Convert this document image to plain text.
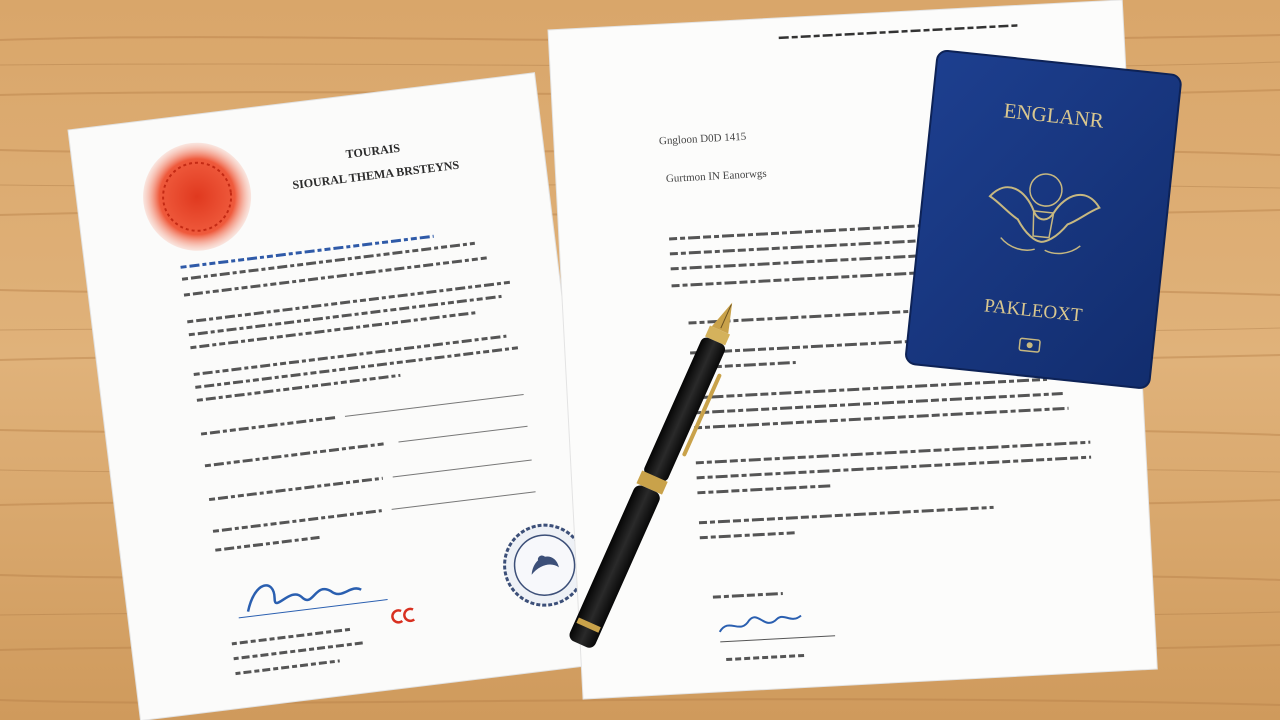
TOURAIS
SIOURAL THEMA BRSTEYNS
Gngloon D0D 1415
Gurtmon IN Eanorwgs
ENGLANR
PAKLEOXT
